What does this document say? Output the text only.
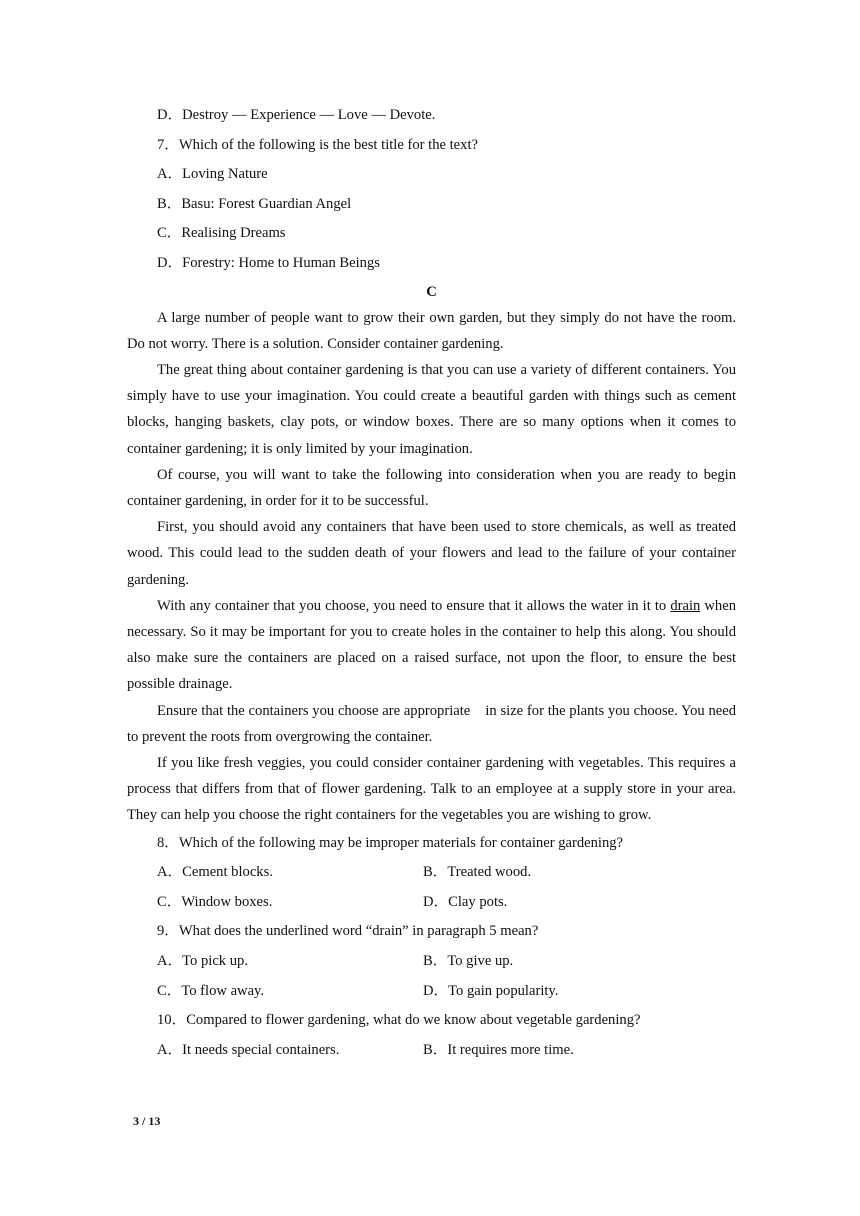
D．Destroy — Experience — Love — Devote.
7．Which of the following is the best title for the text?
A．Loving Nature
B．Basu: Forest Guardian Angel
C．Realising Dreams
D．Forestry: Home to Human Beings
C

A large number of people want to grow their own garden, but they simply do not have the room. Do not worry. There is a solution. Consider container gardening.

The great thing about container gardening is that you can use a variety of different containers. You simply have to use your imagination. You could create a beautiful garden with things such as cement blocks, hanging baskets, clay pots, or window boxes. There are so many options when it comes to container gardening; it is only limited by your imagination.

Of course, you will want to take the following into consideration when you are ready to begin container gardening, in order for it to be successful.

First, you should avoid any containers that have been used to store chemicals, as well as treated wood. This could lead to the sudden death of your flowers and lead to the failure of your container gardening.

With any container that you choose, you need to ensure that it allows the water in it to drain when necessary. So it may be important for you to create holes in the container to help this along. You should also make sure the containers are placed on a raised surface, not upon the floor, to ensure the best possible drainage.

Ensure that the containers you choose are appropriate    in size for the plants you choose. You need to prevent the roots from overgrowing the container.

If you like fresh veggies, you could consider container gardening with vegetables. This requires a process that differs from that of flower gardening. Talk to an employee at a supply store in your area. They can help you choose the right containers for the vegetables you are wishing to grow.

8．Which of the following may be improper materials for container gardening?
A．Cement blocks.	B．Treated wood.
C．Window boxes.	D．Clay pots.
9．What does the underlined word “drain” in paragraph 5 mean?
A．To pick up.	B．To give up.
C．To flow away.	D．To gain popularity.
10．Compared to flower gardening, what do we know about vegetable gardening?
A．It needs special containers.	B．It requires more time.
3 / 13
